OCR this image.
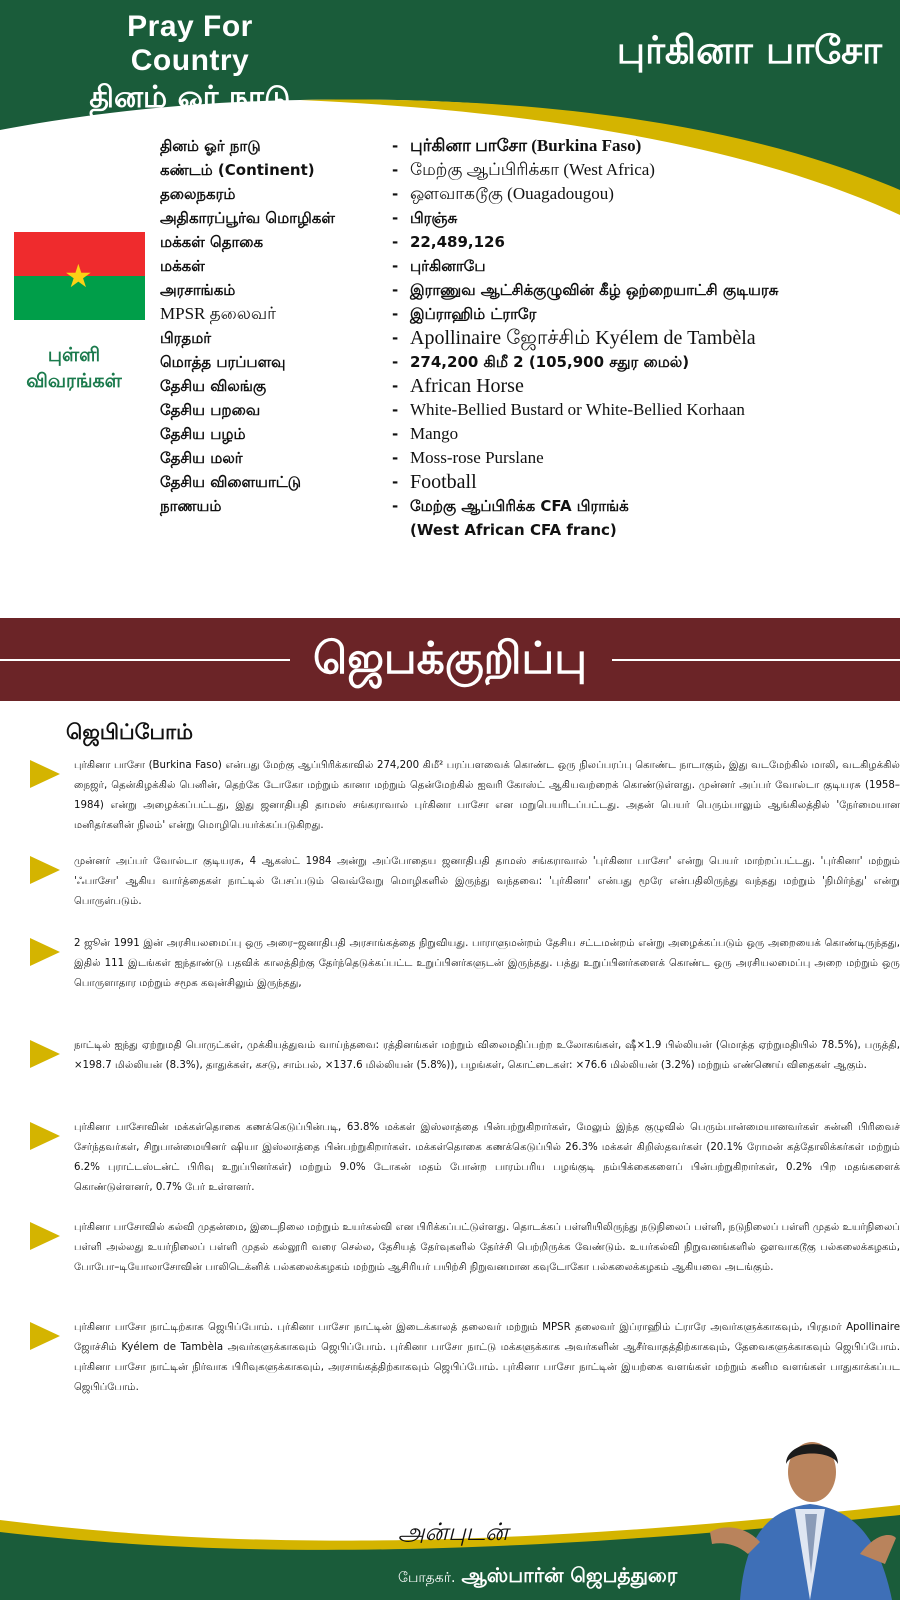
Pray For Country
தினம் ஓர் நாடு
புர்கினா பாசோ
★
புள்ளி
விவரங்கள்
தினம் ஓர் நாடு	- புர்கினா பாசோ (Burkina Faso)
கண்டம் (Continent)	- மேற்கு ஆப்பிரிக்கா (West Africa)
தலைநகரம்	- ஔவாகடூகு (Ouagadougou)
அதிகாரப்பூர்வ மொழிகள்	- பிரஞ்சு
மக்கள் தொகை	- 22,489,126
மக்கள்	- புர்கினாபே
அரசாங்கம்	- இராணுவ ஆட்சிக்குழுவின் கீழ் ஒற்றையாட்சி குடியரசு
MPSR தலைவர்	- இப்ராஹிம் ட்ராரே
பிரதமர்	- Apollinaire ஜோச்சிம் Kyélem de Tambèla
மொத்த பரப்பளவு	- 274,200 கிமீ 2 (105,900 சதுர மைல்)
தேசிய விலங்கு	- African Horse
தேசிய பறவை	- White-Bellied Bustard or White-Bellied Korhaan
தேசிய பழம்	- Mango
தேசிய மலர்	- Moss-rose Purslane
தேசிய விளையாட்டு	- Football
நாணயம்	- மேற்கு ஆப்பிரிக்க CFA பிராங்க்
(West African CFA franc)
ஜெபக்குறிப்பு
ஜெபிப்போம்
புர்கினா பாசோ (Burkina Faso) என்பது மேற்கு ஆப்பிரிக்காவில் 274,200 கிமீ² பரப்பளவைக் கொண்ட ஒரு நிலப்பரப்பு கொண்ட நாடாகும், இது வடமேற்கில் மாலி, வடகிழக்கில் நைஜர், தென்கிழக்கில் பெனின், தெற்கே டோகோ மற்றும் கானா மற்றும் தென்மேற்கில் ஐவரி கோஸ்ட் ஆகியவற்றைக் கொண்டுள்ளது. முன்னர் அப்பர் வோல்டா குடியரசு (1958–1984) என்று அழைக்கப்பட்டது, இது ஜனாதிபதி தாமஸ் சங்கராவால் புர்கினா பாசோ என மறுபெயரிடப்பட்டது. அதன் பெயர் பெரும்பாலும் ஆங்கிலத்தில் 'நேர்மையான மனிதர்களின் நிலம்' என்று மொழிபெயர்க்கப்படுகிறது.
முன்னர் அப்பர் வோல்டா குடியரசு, 4 ஆகஸ்ட் 1984 அன்று அப்போதைய ஜனாதிபதி தாமஸ் சங்கராவால் 'புர்கினா பாசோ' என்று பெயர் மாற்றப்பட்டது. 'புர்கினா' மற்றும் 'ஃபாசோ' ஆகிய வார்த்தைகள் நாட்டில் பேசப்படும் வெவ்வேறு மொழிகளில் இருந்து வந்தவை: 'புர்கினா' என்பது மூரே என்பதிலிருந்து வந்தது மற்றும் 'நிமிர்ந்து' என்று பொருள்படும்.
2 ஜூன் 1991 இன் அரசியலமைப்பு ஒரு அரை–ஜனாதிபதி அரசாங்கத்தை நிறுவியது. பாராளுமன்றம் தேசிய சட்டமன்றம் என்று அழைக்கப்படும் ஒரு அறையைக் கொண்டிருந்தது, இதில் 111 இடங்கள் ஐந்தாண்டு பதவிக் காலத்திற்கு தேர்ந்தெடுக்கப்பட்ட உறுப்பினர்களுடன் இருந்தது. பத்து உறுப்பினர்களைக் கொண்ட ஒரு அரசியலமைப்பு அறை மற்றும் ஒரு பொருளாதார மற்றும் சமூக கவுன்சிலும் இருந்தது,
நாட்டில் ஐந்து ஏற்றுமதி பொருட்கள், முக்கியத்துவம் வாய்ந்தவை: ரத்தினங்கள் மற்றும் விலைமதிப்பற்ற உலோகங்கள், ஷீ×1.9 பில்லியன் (மொத்த ஏற்றுமதியில் 78.5%), பருத்தி, ×198.7 மில்லியன் (8.3%), தாதுக்கள், கசடு, சாம்பல், ×137.6 மில்லியன் (5.8%)), பழங்கள், கொட்டைகள்: ×76.6 மில்லியன் (3.2%) மற்றும் எண்ணெய் விதைகள் ஆகும்.
புர்கினா பாசோவின் மக்கள்தொகை கணக்கெடுப்பின்படி, 63.8% மக்கள் இஸ்லாத்தை பின்பற்றுகிறார்கள், மேலும் இந்த குழுவில் பெரும்பான்மையானவர்கள் சுன்னி பிரிவைச் சேர்ந்தவர்கள், சிறுபான்மையினர் ஷியா இஸ்லாத்தை பின்பற்றுகிறார்கள். மக்கள்தொகை கணக்கெடுப்பில் 26.3% மக்கள் கிறிஸ்தவர்கள் (20.1% ரோமன் கத்தோலிக்கர்கள் மற்றும் 6.2% புராட்டஸ்டன்ட் பிரிவு உறுப்பினர்கள்) மற்றும் 9.0% டோகன் மதம் போன்ற பாரம்பரிய பழங்குடி நம்பிக்கைகளைப் பின்பற்றுகிறார்கள், 0.2% பிற மதங்களைக் கொண்டுள்ளனர், 0.7% பேர் உள்ளனர்.
புர்கினா பாசோவில் கல்வி முதன்மை, இடைநிலை மற்றும் உயர்கல்வி என பிரிக்கப்பட்டுள்ளது. தொடக்கப் பள்ளியிலிருந்து நடுநிலைப் பள்ளி, நடுநிலைப் பள்ளி முதல் உயர்நிலைப் பள்ளி அல்லது உயர்நிலைப் பள்ளி முதல் கல்லூரி வரை செல்ல, தேசியத் தேர்வுகளில் தேர்ச்சி பெற்றிருக்க வேண்டும். உயர்கல்வி நிறுவனங்களில் ஔவாகடூகு பல்கலைக்கழகம், போபோ–டியோலாசோவின் பாலிடெக்னிக் பல்கலைக்கழகம் மற்றும் ஆசிரியர் பயிற்சி நிறுவனமான கவுடோகோ பல்கலைக்கழகம் ஆகியவை அடங்கும்.
புர்கினா பாசோ நாட்டிற்காக ஜெபிப்போம். புர்கினா பாசோ நாட்டின் இடைக்காலத் தலைவர் மற்றும் MPSR தலைவர் இப்ராஹிம் ட்ராரே அவர்களுக்காகவும், பிரதமர் Apollinaire ஜோச்சிம் Kyélem de Tambèla அவர்களுக்காகவும் ஜெபிப்போம். புர்கினா பாசோ நாட்டு மக்களுக்காக அவர்களின் ஆசீர்வாதத்திற்காகவும், தேவைகளுக்காகவும் ஜெபிப்போம். புர்கினா பாசோ நாட்டின் நிர்வாக பிரிவுகளுக்காகவும், அரசாங்கத்திற்காகவும் ஜெபிப்போம். புர்கினா பாசோ நாட்டின் இயற்கை வளங்கள் மற்றும் கனிம வளங்கள் பாதுகாக்கப்பட ஜெபிப்போம்.
அன்புடன்
போதகர். ஆஸ்பார்ன் ஜெபத்துரை
